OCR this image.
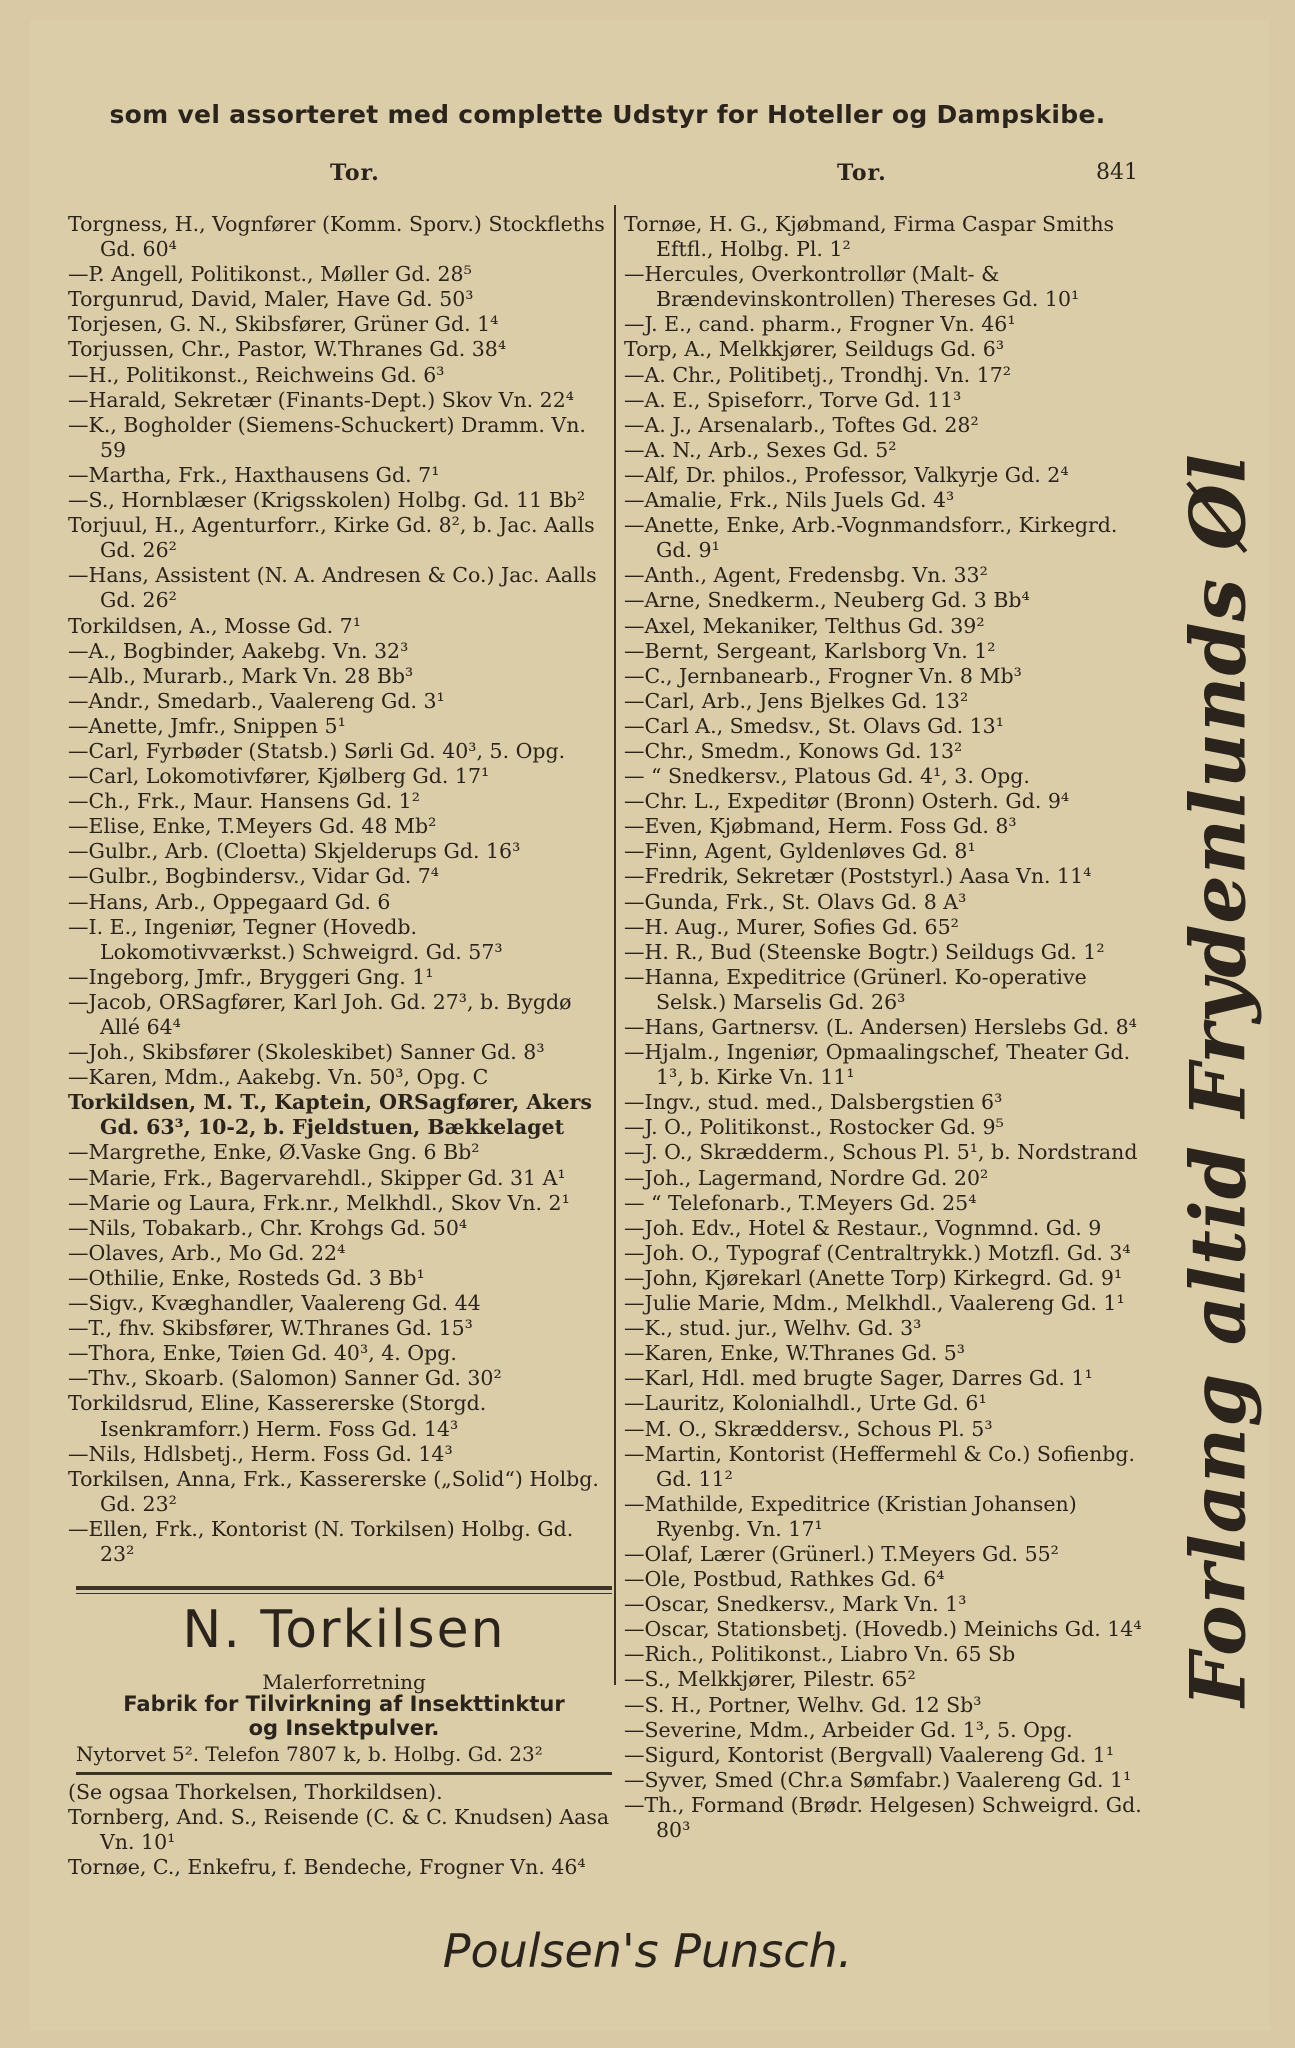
som vel assorteret med complette Udstyr for Hoteller og Dampskibe.
Tor.	Tor.	841
Torgness, H., Vognfører (Komm. Sporv.) Stockfleths Gd. 60⁴
—P. Angell, Politikonst., Møller Gd. 28⁵
Torgunrud, David, Maler, Have Gd. 50³
Torjesen, G. N., Skibsfører, Grüner Gd. 1⁴
Torjussen, Chr., Pastor, W.Thranes Gd. 38⁴
—H., Politikonst., Reichweins Gd. 6³
—Harald, Sekretær (Finants-Dept.) Skov Vn. 22⁴
—K., Bogholder (Siemens-Schuckert) Dramm. Vn. 59
—Martha, Frk., Haxthausens Gd. 7¹
—S., Hornblæser (Krigsskolen) Holbg. Gd. 11 Bb²
Torjuul, H., Agenturforr., Kirke Gd. 8², b. Jac. Aalls Gd. 26²
—Hans, Assistent (N. A. Andresen & Co.) Jac. Aalls Gd. 26²
Torkildsen, A., Mosse Gd. 7¹
—A., Bogbinder, Aakebg. Vn. 32³
—Alb., Murarb., Mark Vn. 28 Bb³
—Andr., Smedarb., Vaalereng Gd. 3¹
—Anette, Jmfr., Snippen 5¹
—Carl, Fyrbøder (Statsb.) Sørli Gd. 40³, 5. Opg.
—Carl, Lokomotivfører, Kjølberg Gd. 17¹
—Ch., Frk., Maur. Hansens Gd. 1²
—Elise, Enke, T.Meyers Gd. 48 Mb²
—Gulbr., Arb. (Cloetta) Skjelderups Gd. 16³
—Gulbr., Bogbindersv., Vidar Gd. 7⁴
—Hans, Arb., Oppegaard Gd. 6
—I. E., Ingeniør, Tegner (Hovedb. Lokomotivværkst.) Schweigrd. Gd. 57³
—Ingeborg, Jmfr., Bryggeri Gng. 1¹
—Jacob, ORSagfører, Karl Joh. Gd. 27³, b. Bygdø Allé 64⁴
—Joh., Skibsfører (Skoleskibet) Sanner Gd. 8³
—Karen, Mdm., Aakebg. Vn. 50³, Opg. C
Torkildsen, M. T., Kaptein, ORSagfører, Akers Gd. 63³, 10-2, b. Fjeldstuen, Bækkelaget
—Margrethe, Enke, Ø.Vaske Gng. 6 Bb²
—Marie, Frk., Bagervarehdl., Skipper Gd. 31 A¹
—Marie og Laura, Frk.nr., Melkhdl., Skov Vn. 2¹
—Nils, Tobakarb., Chr. Krohgs Gd. 50⁴
—Olaves, Arb., Mo Gd. 22⁴
—Othilie, Enke, Rosteds Gd. 3 Bb¹
—Sigv., Kvæghandler, Vaalereng Gd. 44
—T., fhv. Skibsfører, W.Thranes Gd. 15³
—Thora, Enke, Tøien Gd. 40³, 4. Opg.
—Thv., Skoarb. (Salomon) Sanner Gd. 30²
Torkildsrud, Eline, Kassererske (Storgd. Isenkramforr.) Herm. Foss Gd. 14³
—Nils, Hdlsbetj., Herm. Foss Gd. 14³
Torkilsen, Anna, Frk., Kassererske („Solid“) Holbg. Gd. 23²
—Ellen, Frk., Kontorist (N. Torkilsen) Holbg. Gd. 23²
N. Torkilsen
Malerforretning
Fabrik for Tilvirkning af Insekttinktur
og Insektpulver.
Nytorvet 5². Telefon 7807 k, b. Holbg. Gd. 23²
(Se ogsaa Thorkelsen, Thorkildsen).
Tornberg, And. S., Reisende (C. & C. Knudsen) Aasa Vn. 10¹
Tornøe, C., Enkefru, f. Bendeche, Frogner Vn. 46⁴
Tornøe, H. G., Kjøbmand, Firma Caspar Smiths Eftfl., Holbg. Pl. 1²
—Hercules, Overkontrollør (Malt- & Brændevinskontrollen) Thereses Gd. 10¹
—J. E., cand. pharm., Frogner Vn. 46¹
Torp, A., Melkkjører, Seildugs Gd. 6³
—A. Chr., Politibetj., Trondhj. Vn. 17²
—A. E., Spiseforr., Torve Gd. 11³
—A. J., Arsenalarb., Toftes Gd. 28²
—A. N., Arb., Sexes Gd. 5²
—Alf, Dr. philos., Professor, Valkyrje Gd. 2⁴
—Amalie, Frk., Nils Juels Gd. 4³
—Anette, Enke, Arb.-Vognmandsforr., Kirkegrd. Gd. 9¹
—Anth., Agent, Fredensbg. Vn. 33²
—Arne, Snedkerm., Neuberg Gd. 3 Bb⁴
—Axel, Mekaniker, Telthus Gd. 39²
—Bernt, Sergeant, Karlsborg Vn. 1²
—C., Jernbanearb., Frogner Vn. 8 Mb³
—Carl, Arb., Jens Bjelkes Gd. 13²
—Carl A., Smedsv., St. Olavs Gd. 13¹
—Chr., Smedm., Konows Gd. 13²
— “ Snedkersv., Platous Gd. 4¹, 3. Opg.
—Chr. L., Expeditør (Bronn) Osterh. Gd. 9⁴
—Even, Kjøbmand, Herm. Foss Gd. 8³
—Finn, Agent, Gyldenløves Gd. 8¹
—Fredrik, Sekretær (Poststyrl.) Aasa Vn. 11⁴
—Gunda, Frk., St. Olavs Gd. 8 A³
—H. Aug., Murer, Sofies Gd. 65²
—H. R., Bud (Steenske Bogtr.) Seildugs Gd. 1²
—Hanna, Expeditrice (Grünerl. Ko-operative Selsk.) Marselis Gd. 26³
—Hans, Gartnersv. (L. Andersen) Herslebs Gd. 8⁴
—Hjalm., Ingeniør, Opmaalingschef, Theater Gd. 1³, b. Kirke Vn. 11¹
—Ingv., stud. med., Dalsbergstien 6³
—J. O., Politikonst., Rostocker Gd. 9⁵
—J. O., Skrædderm., Schous Pl. 5¹, b. Nordstrand
—Joh., Lagermand, Nordre Gd. 20²
— “ Telefonarb., T.Meyers Gd. 25⁴
—Joh. Edv., Hotel & Restaur., Vognmnd. Gd. 9
—Joh. O., Typograf (Centraltrykk.) Motzfl. Gd. 3⁴
—John, Kjørekarl (Anette Torp) Kirkegrd. Gd. 9¹
—Julie Marie, Mdm., Melkhdl., Vaalereng Gd. 1¹
—K., stud. jur., Welhv. Gd. 3³
—Karen, Enke, W.Thranes Gd. 5³
—Karl, Hdl. med brugte Sager, Darres Gd. 1¹
—Lauritz, Kolonialhdl., Urte Gd. 6¹
—M. O., Skræddersv., Schous Pl. 5³
—Martin, Kontorist (Heffermehl & Co.) Sofienbg. Gd. 11²
—Mathilde, Expeditrice (Kristian Johansen) Ryenbg. Vn. 17¹
—Olaf, Lærer (Grünerl.) T.Meyers Gd. 55²
—Ole, Postbud, Rathkes Gd. 6⁴
—Oscar, Snedkersv., Mark Vn. 1³
—Oscar, Stationsbetj. (Hovedb.) Meinichs Gd. 14⁴
—Rich., Politikonst., Liabro Vn. 65 Sb
—S., Melkkjører, Pilestr. 65²
—S. H., Portner, Welhv. Gd. 12 Sb³
—Severine, Mdm., Arbeider Gd. 1³, 5. Opg.
—Sigurd, Kontorist (Bergvall) Vaalereng Gd. 1¹
—Syver, Smed (Chr.a Sømfabr.) Vaalereng Gd. 1¹
—Th., Formand (Brødr. Helgesen) Schweigrd. Gd. 80³
Forlang altid Frydenlunds Øl
Poulsen's Punsch.
